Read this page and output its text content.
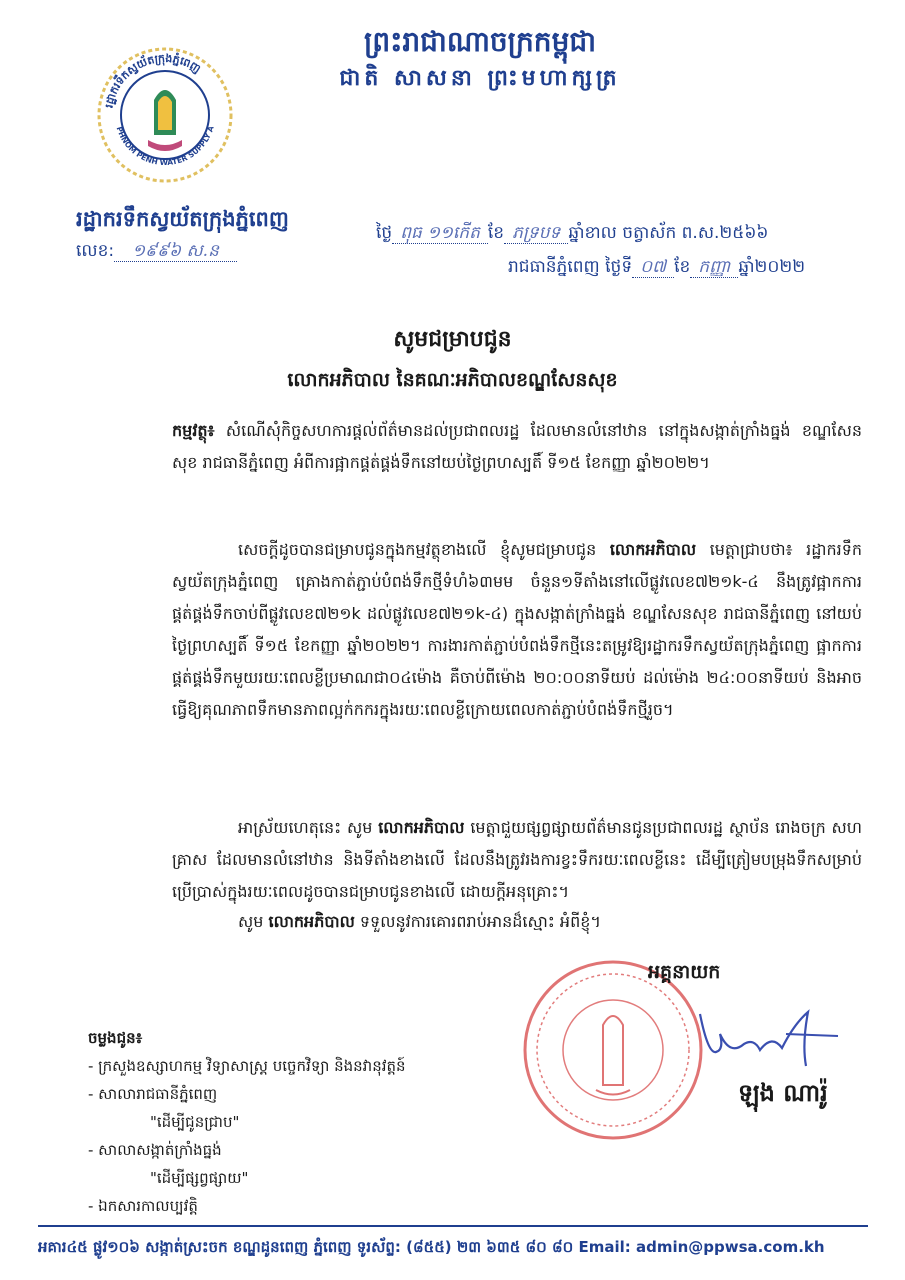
ព្រះរាជាណាចក្រកម្ពុជា
ជាតិ សាសនា ព្រះមហាក្សត្រ
រដ្ឋាករទឹកស្វយ័តក្រុងភ្នំពេញ
PHNOM PENH WATER SUPPLY A
រដ្ឋាករទឹកស្វយ័តក្រុងភ្នំពេញ
លេខ: ១៩៩៦ ស.ន
ថ្ងៃ ពុធ ១១កើត ខែ ភទ្របទ ឆ្នាំខាល ចត្វាស័ក ព.ស.២៥៦៦
រាជធានីភ្នំពេញ ថ្ងៃទី ០៧ ខែ កញ្ញា ឆ្នាំ២០២២
សូមជម្រាបជូន
លោកអភិបាល នៃគណៈអភិបាលខណ្ឌសែនសុខ
កម្មវត្ថុ៖ សំណើសុំកិច្ចសហការផ្តល់ព័ត៌មានដល់ប្រជាពលរដ្ឋ ដែលមានលំនៅឋាន នៅក្នុងសង្កាត់ក្រាំងធ្នង់ ខណ្ឌសែនសុខ រាជធានីភ្នំពេញ អំពីការផ្អាកផ្គត់ផ្គង់ទឹកនៅយប់ថ្ងៃព្រហស្បតិ៍ ទី១៥ ខែកញ្ញា ឆ្នាំ២០២២។
សេចក្តីដូចបានជម្រាបជូនក្នុងកម្មវត្ថុខាងលើ ខ្ញុំសូមជម្រាបជូន លោកអភិបាល មេត្តាជ្រាបថា៖ រដ្ឋាករទឹកស្វយ័តក្រុងភ្នំពេញ គ្រោងកាត់ភ្ជាប់បំពង់ទឹកថ្មីទំហំ៦៣មម ចំនួន១ទីតាំងនៅលើផ្លូវលេខ៧២១k-៤ នឹងត្រូវផ្អាកការផ្គត់ផ្គង់ទឹកចាប់ពីផ្លូវលេខ៧២១k ដល់ផ្លូវលេខ៧២១k-៤) ក្នុងសង្កាត់ក្រាំងធ្នង់ ខណ្ឌសែនសុខ រាជធានីភ្នំពេញ នៅយប់ថ្ងៃព្រហស្បតិ៍ ទី១៥ ខែកញ្ញា ឆ្នាំ២០២២។ ការងារកាត់ភ្ជាប់បំពង់ទឹកថ្មីនេះតម្រូវឱ្យរដ្ឋាករទឹកស្វយ័តក្រុងភ្នំពេញ ផ្អាកការផ្គត់ផ្គង់ទឹកមួយរយៈពេលខ្លីប្រមាណជា០៤ម៉ោង គឺចាប់ពីម៉ោង ២០:០០នាទីយប់ ដល់ម៉ោង ២៤:០០នាទីយប់ និងអាចធ្វើឱ្យគុណភាពទឹកមានភាពល្អក់កករក្នុងរយៈពេលខ្លីក្រោយពេលកាត់ភ្ជាប់បំពង់ទឹកថ្មីរួច។
អាស្រ័យហេតុនេះ សូម លោកអភិបាល មេត្តាជួយផ្សព្វផ្សាយព័ត៌មានជូនប្រជាពលរដ្ឋ ស្ថាប័ន រោងចក្រ សហគ្រាស ដែលមានលំនៅឋាន និងទីតាំងខាងលើ ដែលនឹងត្រូវរងការខ្វះទឹករយៈពេលខ្លីនេះ ដើម្បីត្រៀមបម្រុងទឹកសម្រាប់ប្រើប្រាស់ក្នុងរយៈពេលដូចបានជម្រាបជូនខាងលើ ដោយក្តីអនុគ្រោះ។
សូម លោកអភិបាល ទទួលនូវការគោរពរាប់អានដ៏ស្មោះ អំពីខ្ញុំ។
អគ្គនាយក
ឡុង ណារ៉ូ
ចម្លងជូន៖
- ក្រសួងឧស្សាហកម្ម វិទ្យាសាស្ត្រ បច្ចេកវិទ្យា និងនវានុវត្តន៍
- សាលារាជធានីភ្នំពេញ
"ដើម្បីជូនជ្រាប"
- សាលាសង្កាត់ក្រាំងធ្នង់
"ដើម្បីផ្សព្វផ្សាយ"
- ឯកសារកាលប្បវត្តិ
អគារ៤៥ ផ្លូវ១០៦ សង្កាត់ស្រះចក ខណ្ឌដូនពេញ ភ្នំពេញ ទូរស័ព្ទ: (៨៥៥) ២៣ ៦៣៥ ៨០ ៨០ Email: admin@ppwsa.com.kh
